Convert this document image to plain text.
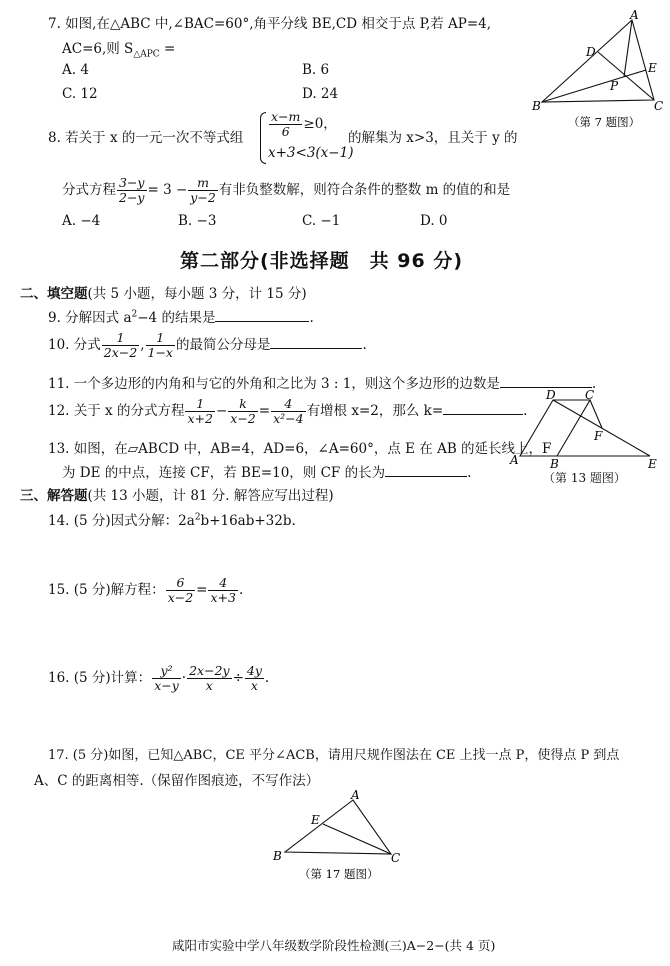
7. 如图,在△ABC 中,∠BAC=60°,角平分线 BE,CD 相交于点 P,若 AP=4,
AC=6,则 $S_{\triangle APC}$ =
A. 4	B. 6
C. 12	D. 24
A
D
E
P
B	C
（第 7 题图）
8. 若关于 x 的一元一次不等式组 $\frac{x-m}{6} \ge 0$，
x+3<3(x−1)
的解集为 x>3，且关于 y 的
分式方程 $\frac{3-y}{2-y} = 3 - \frac{m}{y-2}$ 有非负整数解，则符合条件的整数 m 的值的和是
A. −4	B. −3	C. −1	D. 0
第二部分(非选择题　共 96 分)
二、填空题(共 5 小题，每小题 3 分，计 15 分)
9. 分解因式 $a^2-4$ 的结果是	.
10. 分式 $\frac{1}{2x-2}$ , $\frac{1}{1-x}$ 的最简公分母是	.
11. 一个多边形的内角和与它的外角和之比为 3 : 1，则这个多边形的边数是	.
12. 关于 x 的分式方程 $\frac{1}{x+2} - \frac{k}{x-2} = \frac{4}{\text{x²−4}}$ 有增根 x=2，那么 k=	.
13. 如图，在▱ABCD 中，AB=4，AD=6，∠A=60°，点 E 在 AB 的延长线上，F
为 DE 的中点，连接 CF，若 BE=10，则 CF 的长为	.
D C
F
A	B	E
（第 13 题图）
三、解答题(共 13 小题，计 81 分. 解答应写出过程)
14. (5 分)因式分解：$2a^2b+16ab+32b$.
15. (5 分)解方程： $\frac{6}{x-2} = \frac{4}{x+3}$ .
16. (5 分)计算： $\frac{\text{y²}}{x-y} \cdot \frac{2x-2y}{x} \div \frac{4y}{x}$ .
17. (5 分)如图，已知△ABC，CE 平分∠ACB，请用尺规作图法在 CE 上找一点 P，使得点 P 到点
A、C 的距离相等.（保留作图痕迹，不写作法）
A
E
B	C
（第 17 题图）
咸阳市实验中学八年级数学阶段性检测(三)A−2−(共 4 页)
